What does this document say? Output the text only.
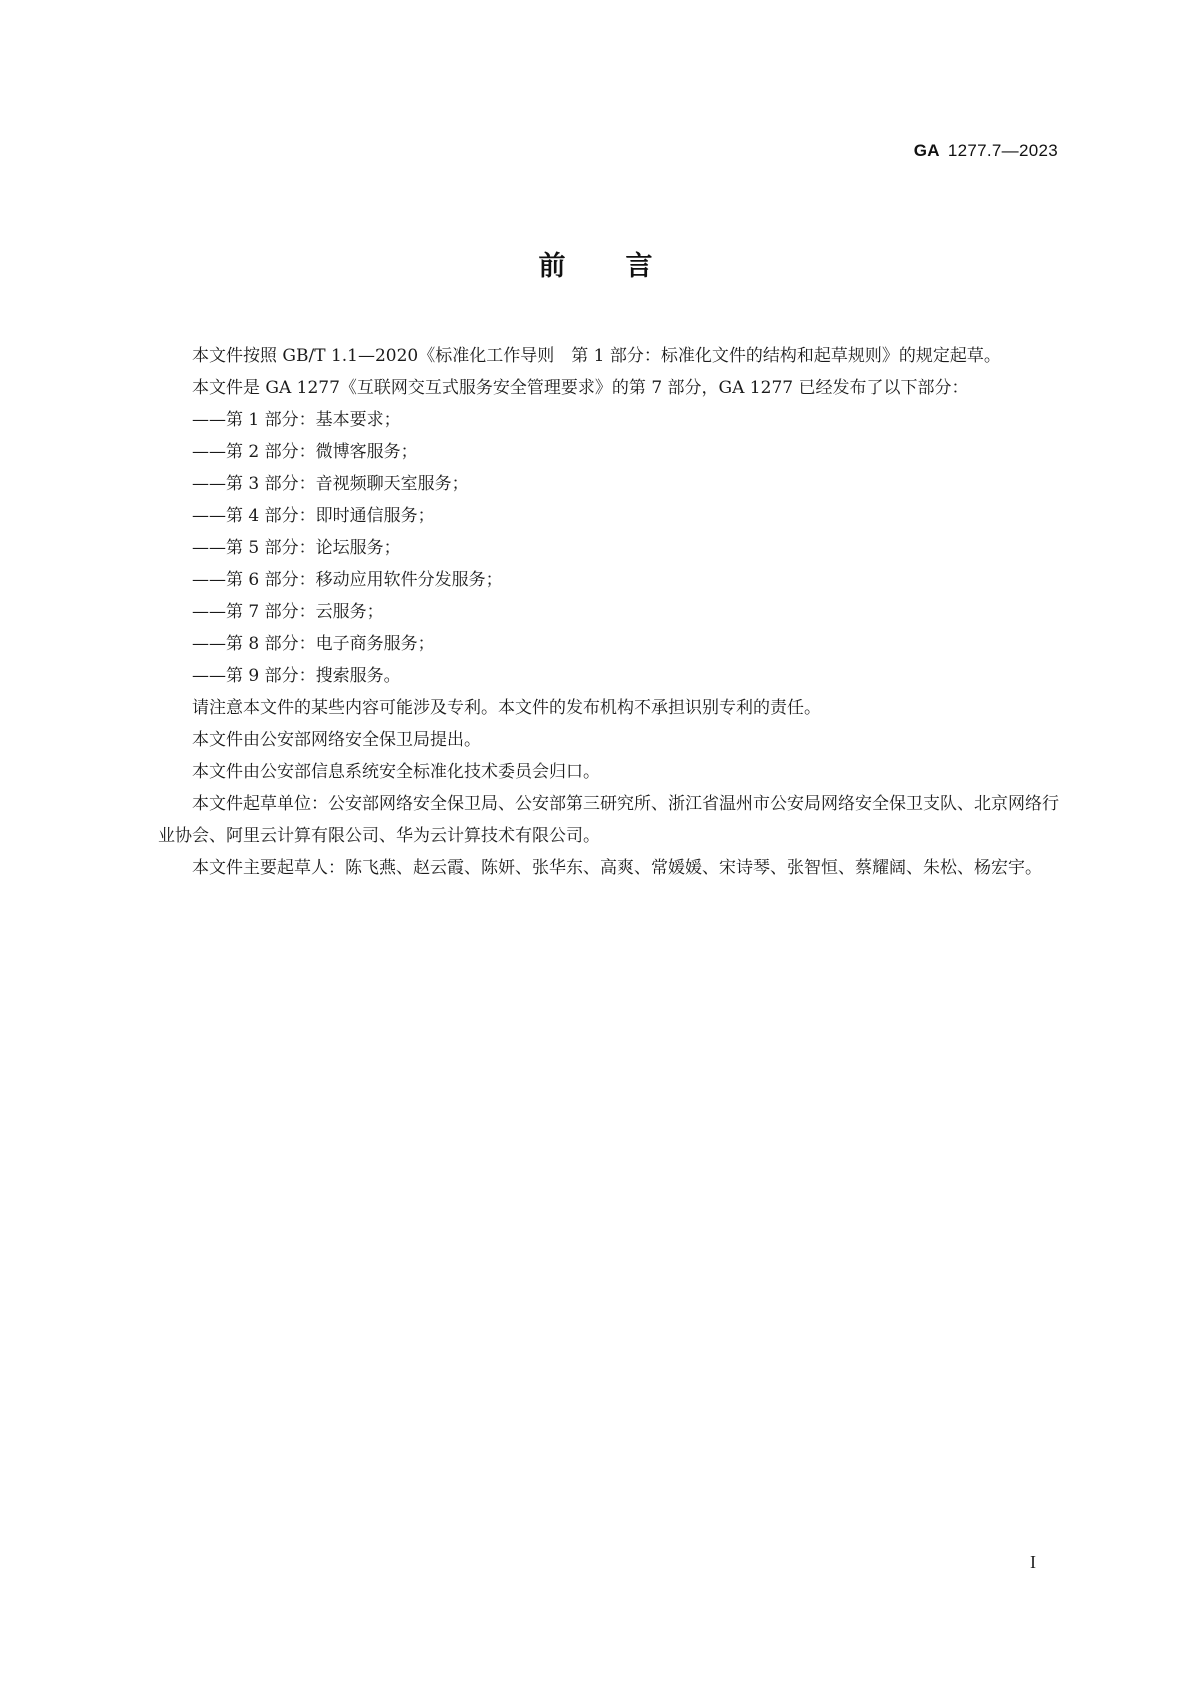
GA 1277.7—2023
前言

本文件按照 GB/T 1.1—2020《标准化工作导则　第 1 部分：标准化文件的结构和起草规则》的规定起草。

本文件是 GA 1277《互联网交互式服务安全管理要求》的第 7 部分，GA 1277 已经发布了以下部分：

——第 1 部分：基本要求；

——第 2 部分：微博客服务；

——第 3 部分：音视频聊天室服务；

——第 4 部分：即时通信服务；

——第 5 部分：论坛服务；

——第 6 部分：移动应用软件分发服务；

——第 7 部分：云服务；

——第 8 部分：电子商务服务；

——第 9 部分：搜索服务。

请注意本文件的某些内容可能涉及专利。本文件的发布机构不承担识别专利的责任。

本文件由公安部网络安全保卫局提出。

本文件由公安部信息系统安全标准化技术委员会归口。

本文件起草单位：公安部网络安全保卫局、公安部第三研究所、浙江省温州市公安局网络安全保卫支队、北京网络行业协会、阿里云计算有限公司、华为云计算技术有限公司。

本文件主要起草人：陈飞燕、赵云霞、陈妍、张华东、高爽、常媛媛、宋诗琴、张智恒、蔡耀阔、朱松、杨宏宇。

I
